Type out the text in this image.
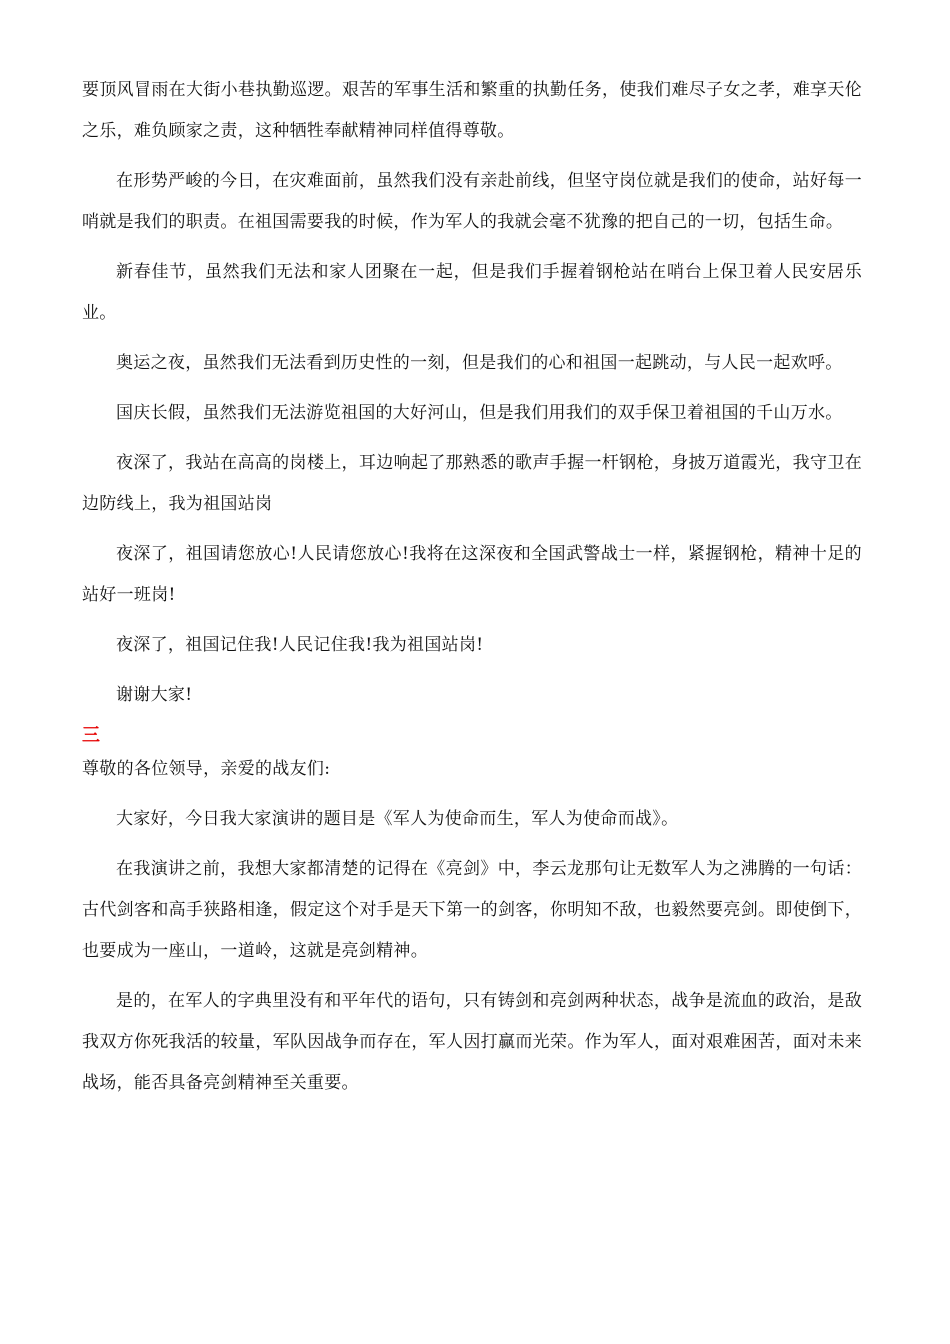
要顶风冒雨在大街小巷执勤巡逻。艰苦的军事生活和繁重的执勤任务，使我们难尽子女之孝，难享天伦之乐，难负顾家之责，这种牺牲奉献精神同样值得尊敬。

在形势严峻的今日，在灾难面前，虽然我们没有亲赴前线，但坚守岗位就是我们的使命，站好每一哨就是我们的职责。在祖国需要我的时候，作为军人的我就会毫不犹豫的把自己的一切，包括生命。

新春佳节，虽然我们无法和家人团聚在一起，但是我们手握着钢枪站在哨台上保卫着人民安居乐业。

奥运之夜，虽然我们无法看到历史性的一刻，但是我们的心和祖国一起跳动，与人民一起欢呼。

国庆长假，虽然我们无法游览祖国的大好河山，但是我们用我们的双手保卫着祖国的千山万水。

夜深了，我站在高高的岗楼上，耳边响起了那熟悉的歌声手握一杆钢枪，身披万道霞光，我守卫在边防线上，我为祖国站岗

夜深了，祖国请您放心!人民请您放心!我将在这深夜和全国武警战士一样，紧握钢枪，精神十足的站好一班岗!

夜深了，祖国记住我!人民记住我!我为祖国站岗!

谢谢大家!

三

尊敬的各位领导，亲爱的战友们:

大家好，今日我大家演讲的题目是《军人为使命而生，军人为使命而战》。

在我演讲之前，我想大家都清楚的记得在《亮剑》中，李云龙那句让无数军人为之沸腾的一句话：古代剑客和高手狭路相逢，假定这个对手是天下第一的剑客，你明知不敌，也毅然要亮剑。即使倒下，也要成为一座山，一道岭，这就是亮剑精神。

是的，在军人的字典里没有和平年代的语句，只有铸剑和亮剑两种状态，战争是流血的政治，是敌我双方你死我活的较量，军队因战争而存在，军人因打赢而光荣。作为军人，面对艰难困苦，面对未来战场，能否具备亮剑精神至关重要。
